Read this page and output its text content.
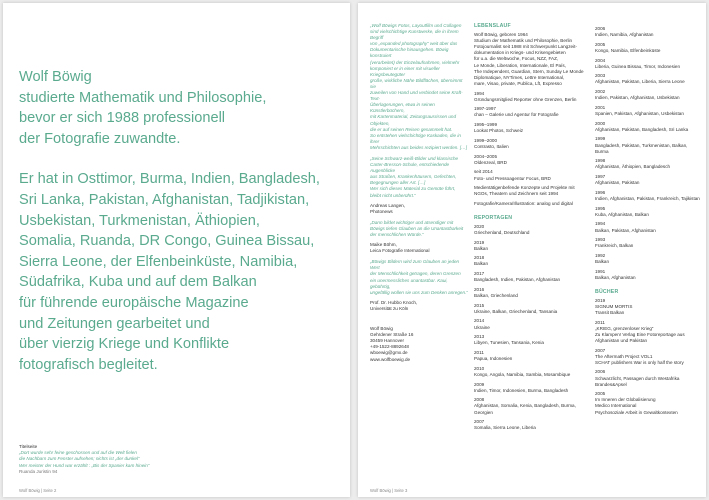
Wolf Böwig
studierte Mathematik und Philosophie,
bevor er sich 1988 professionell
der Fotografie zuwandte.

Er hat in Osttimor, Burma, Indien, Bangladesh,
Sri Lanka, Pakistan, Afghanistan, Tadjikistan,
Usbekistan, Turkmenistan, Äthiopien,
Somalia, Ruanda, DR Congo, Guinea Bissau,
Sierra Leone, der Elfenbeinküste, Namibia,
Südafrika, Kuba und auf dem Balkan
für führende europäische Magazine
und Zeitungen gearbeitet und
über vierzig Kriege und Konflikte
fotografisch begleitet.

Titelseite
„Dort wurde sehr feine geschossen und auf die Welt fielen
die Nachbarn zum Fenster aufsehen; nichts ist „der dunkel“
Wer meister der Hund war erzählt : „Bis der Spanier kam hinein“
Ruanda Juristin 94
Wolf Böwig | Seite 2
„Wolf Böwigs Fotos, Layoutfilm und Collagen
sind vielschichtige Kunstwerke, die in ihrem Begriff
von „expanded photography“ weit über das
Dokumentarische hinausgehen. Böwig konstruiert
(verarbeitet) der Einzelaufnahmen, vielmehr
komponiert er in einer mit visueller Kriegsbeutegüter
große, wirkliche Nähe Bildflächen, übernimmt sie
zuweilen von Hand und verbindet seine Kraft-Text-
Überlagerungen, etwa in seinen Künstlerbüchern,
mit Kartenmaterial, Zeitungsausrissen und Objekten,
die er auf seinen Reisen gesammelt hat.
So entstehen vielschichtige Kaskaden, die in ihrer
Mehrschichten aus beides rezipiert werden. […]
„Seine Schwarz-weiß-Bilder und klassische
Carter-Bresson-Schule, entschiedende Augenblicke
aus Straßen, Krankenhäusern, Gefechten,
Begegnungen aller Art. […]
Wer sich dieses Material zu Gemüte führt,
bleibt nicht unberührt.“
Andreas Langen,
Photonews
„Dann bildet wichtiger und atsendiger mit
Böwigs tiefen Glauben an die Unantastbarkeit
der menschlichen Würde.“
Maike Böhm,
Leica Fotografie International
„Böwigs Bildern wird zum Glauben an jeden Wert
der Menschlichkeit getragen, deren Grenzen
ein unermessliches unantastbar. Kaui, gebührtig,
ungefällig wollen sie uns zum Denken anregen.“
Prof. Dr. Hubbo Knoch,
Universität zu Köln
Wolf Böwig
Gehrdener Straße 16
30459 Hannover
+49-1522-8892648
wboewig@gmx.de
www.wolfboewig.de
LEBENSLAUF
Wolf Böwig, geboren 1964
Studium der Mathematik und Philosophie, Berlin
Fotojournalist seit 1988 mit Schwerpunkt Langzeit-
dokumentation in Kriegs- und Krisengebieten
für u.a. die Weltwoche, Focus, NZZ, FAZ,
Le Monde, Liberation, Internationale, El País,
The Independent, Guardian, Stern, Sunday Le Monde
Diplomatique, NYTimes, Lettre International,
mare, Visao, private, Publica, Lft, Expresso
1994
Gründungsmitglied Reporter ohne Grenzen, Berlin
1997-1997
chan – Galerie und Agentur für Fotografie
1995–1999
Lookat Photos, Schweiz
1999–2000
Contrasto, Italien
2004–2005
Oldenzeal, BRD
seit 2014
Foto- und Pressoagentur Focus, BRD
Medientätigenbefende Konzepte und Projekte mit
NGOs, Theatern und Zeichnern seit 1994
Fotografie/Kamera/Illustration: analog und digital
REPORTAGEN
2020
Griechenland, Deutschland
2019
Balkan
2018
Balkan
2017
Bangladesh, Indien, Pakistan, Afghanistan
2016
Balkan, Griechenland
2015
Ukraine, Balkan, Griechenland, Tansania
2014
Ukraine
2013
Libyen, Tunesien, Tansania, Kenia
2011
Papua, Indonesien
2010
Kongo, Angola, Namibia, Sambia, Mosambique
2009
Indien, Timor, Indonesien, Burma, Bangladesh
2008
Afghanistan, Somalia, Kenia, Bangladesh, Burma,
Georgien
2007
Somalia, Sierra Leone, Liberia
2006
Indien, Namibia, Afghanistan
2005
Kongo, Namibia, Elfenbeinküste
2004
Liberia, Guinea Bissau, Timor, Indonesien
2003
Afghanistan, Pakistan, Liberia, Sierra Leone
2002
Indien, Pakistan, Afghanistan, Usbekistan
2001
Spanien, Pakistan, Afghanistan, Usbekistan
2000
Afghanistan, Pakistan, Bangladesh, Sri Lanka
1999
Bangladesh, Pakistan, Turkmenistan, Balkan,
Burma
1998
Afghanistan, Äthiopien, Bangladesch
1997
Afghanistan, Pakistan
1996
Indien, Afghanistan, Pakistan, Frankreich, Tajikistan
1995
Kuba, Afghanistan, Balkan
1994
Balkan, Pakistan, Afghanistan
1993
Frankreich, Balkan
1992
Balkan
1991
Balkan, Afghanistan
BÜCHER
2019
SIGNUM MORTIS
Transit Balkan
2011
„KRIEG, grenzenloser Krieg“
Zu Klampen! Verlag Eine Fotoreportage aus
Afghanistan und Pakistan
2007
The Aftermath Project VOL1
SCHAT publishers War is only half the story
2006
Schwarzlicht, Passagen durch Westafrika
Brandes&Apsel
2005
Im Inneren der Globalisierung
Medico International
Psychosoziale Arbeit in Gewaltkontexten
Wolf Böwig | Seite 3
